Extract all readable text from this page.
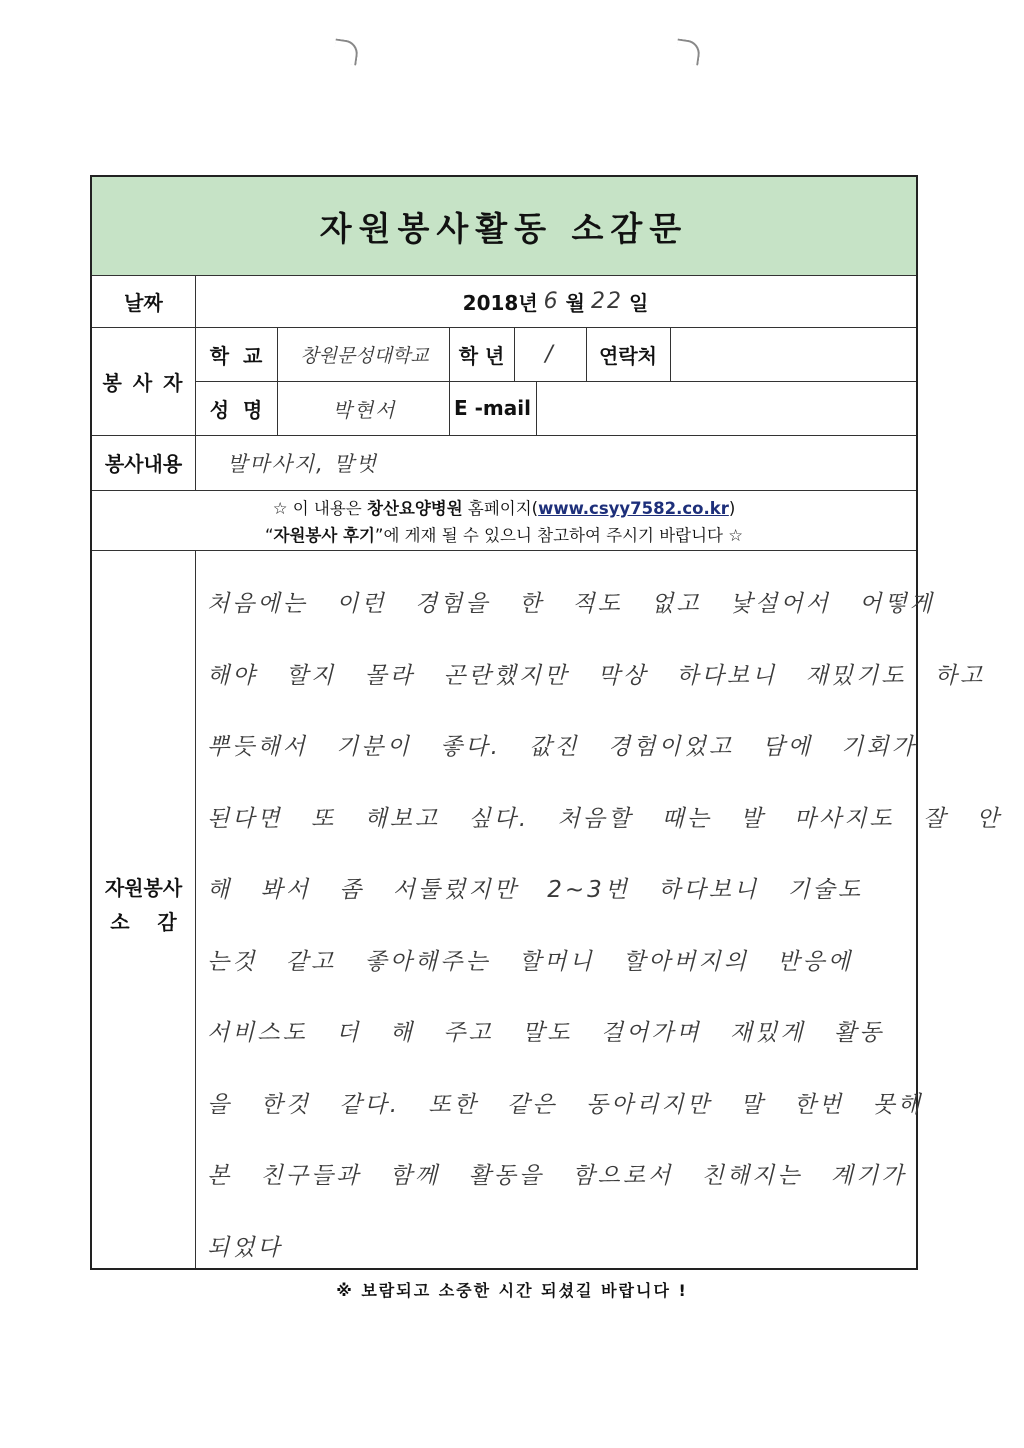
자원봉사활동 소감문
날짜	2018년 6 월 22 일
봉 사 자
학  교	창원문성대학교	학 년	/	연락처
성  명	박현서	E -mail
봉사내용	발마사지, 말벗
☆ 이 내용은 창산요양병원 홈페이지(www.csyy7582.co.kr)
“자원봉사 후기”에 게재 될 수 있으니 참고하여 주시기 바랍니다 ☆
자원봉사
소    감
처음에는 이런 경험을 한 적도 없고 낯설어서 어떻게
해야 할지 몰라 곤란했지만 막상 하다보니 재밌기도 하고
뿌듯해서 기분이 좋다. 값진 경험이었고 담에 기회가
된다면 또 해보고 싶다. 처음할 때는 발 마사지도 잘 안
해 봐서 좀 서툴렀지만 2~3번 하다보니 기술도
는것 같고 좋아해주는 할머니 할아버지의 반응에
서비스도 더 해 주고 말도 걸어가며 재밌게 활동
을 한것 같다. 또한 같은 동아리지만 말 한번 못해
본 친구들과 함께 활동을 함으로서 친해지는 계기가
되었다
※ 보람되고 소중한 시간 되셨길 바랍니다 !
